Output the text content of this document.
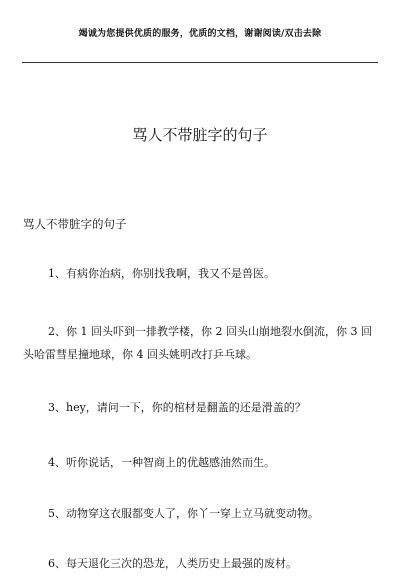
竭诚为您提供优质的服务，优质的文档，谢谢阅读/双击去除
骂人不带脏字的句子
骂人不带脏字的句子
1、有病你治病，你别找我啊，我又不是兽医。
2、你 1 回头吓到一排教学楼，你 2 回头山崩地裂水倒流，你 3 回头哈雷彗星撞地球，你 4 回头姚明改打乒乓球。
3、hey，请问一下，你的棺材是翻盖的还是滑盖的？
4、听你说话，一种智商上的优越感油然而生。
5、动物穿这衣服都变人了，你丫一穿上立马就变动物。
6、每天退化三次的恐龙，人类历史上最强的废材。
